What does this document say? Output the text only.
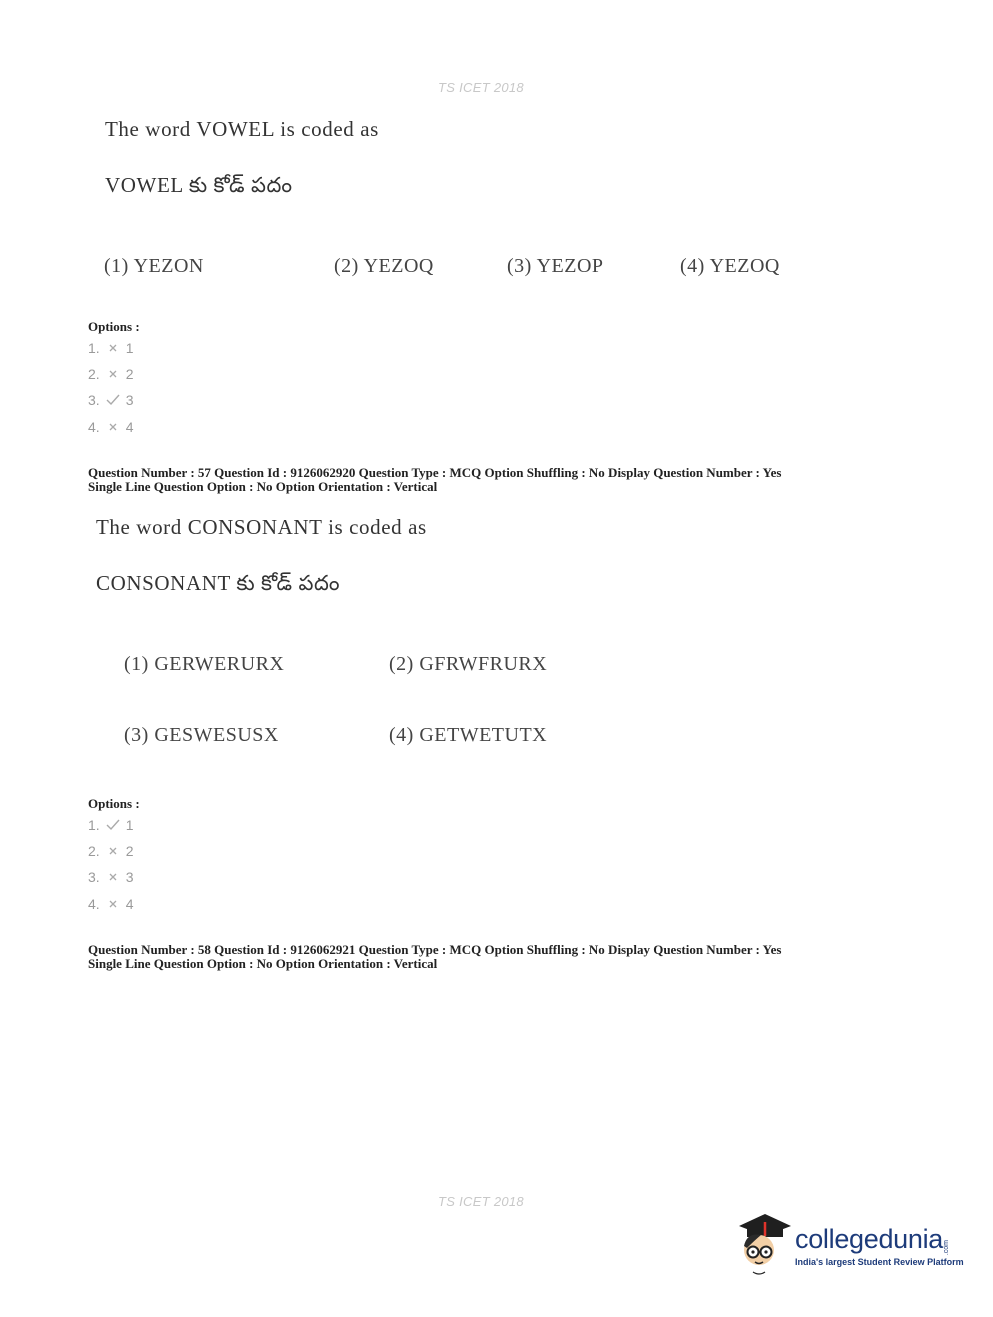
TS ICET 2018
The word VOWEL is coded as
VOWEL కు కోడ్ పదం
(1) YEZON	(2) YEZOQ	(3) YEZOP	(4) YEZOQ
Options :
1. 1
2. 2
3. 3
4. 4
Question Number : 57 Question Id : 9126062920 Question Type : MCQ Option Shuffling : No Display Question Number : Yes
Single Line Question Option : No Option Orientation : Vertical
The word CONSONANT is coded as
CONSONANT కు కోడ్ పదం
(1) GERWERURX	(2) GFRWFRURX
(3) GESWESUSX	(4) GETWETUTX
Options :
1. 1
2. 2
3. 3
4. 4
Question Number : 58 Question Id : 9126062921 Question Type : MCQ Option Shuffling : No Display Question Number : Yes
Single Line Question Option : No Option Orientation : Vertical
TS ICET 2018
collegedunia .com
India's largest Student Review Platform
